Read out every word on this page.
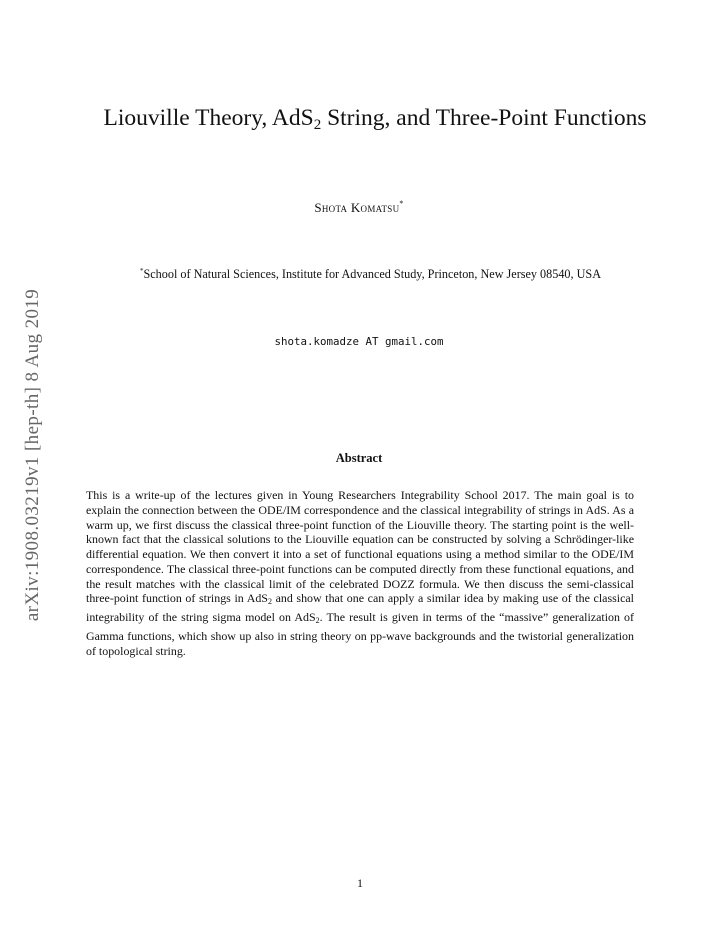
arXiv:1908.03219v1 [hep-th] 8 Aug 2019
Liouville Theory, AdS$_2$ String, and Three-Point Functions
Shota Komatsu*
*School of Natural Sciences, Institute for Advanced Study, Princeton, New Jersey 08540, USA
shota.komadze AT gmail.com
Abstract
This is a write-up of the lectures given in Young Researchers Integrability School 2017. The main goal is to explain the connection between the ODE/IM correspondence and the classical integrability of strings in AdS. As a warm up, we first discuss the classical three-point function of the Liouville theory. The starting point is the well-known fact that the classical solutions to the Liouville equation can be constructed by solving a Schrödinger-like differential equation. We then convert it into a set of functional equations using a method similar to the ODE/IM correspondence. The classical three-point functions can be computed directly from these functional equations, and the result matches with the classical limit of the celebrated DOZZ formula. We then discuss the semi-classical three-point function of strings in AdS$_2$ and show that one can apply a similar idea by making use of the classical integrability of the string sigma model on AdS$_2$. The result is given in terms of the “massive” generalization of Gamma functions, which show up also in string theory on pp-wave backgrounds and the twistorial generalization of topological string.
1
